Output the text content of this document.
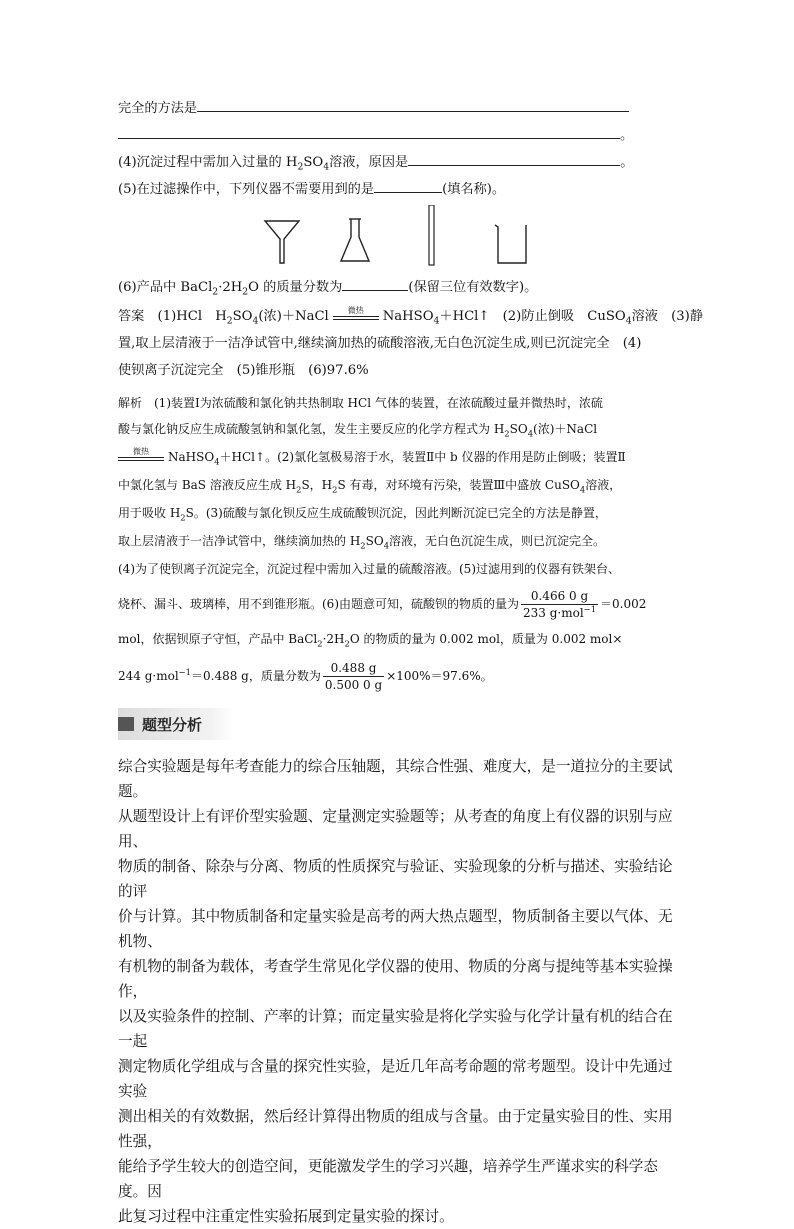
完全的方法是
。
(4)沉淀过程中需加入过量的 $H_2SO_4$溶液，原因是	。
(5)在过滤操作中，下列仪器不需要用到的是	(填名称)。
(6)产品中 $BaCl_2\cdot 2H_2O$ 的质量分数为	(保留三位有效数字)。
答案　(1)HCl　$H_2SO_4$(浓)＋NaCl	微热	NaHSO$_4$＋HCl↑　(2)防止倒吸　CuSO$_4$溶液　(3)静
置,取上层清液于一洁净试管中,继续滴加热的硫酸溶液,无白色沉淀生成,则已沉淀完全　(4)
使钡离子沉淀完全　(5)锥形瓶　(6)97.6%
解析　(1)装置Ⅰ为浓硫酸和氯化钠共热制取 HCl 气体的装置，在浓硫酸过量并微热时，浓硫
酸与氯化钠反应生成硫酸氢钠和氯化氢，发生主要反应的化学方程式为 $H_2SO_4$(浓)＋NaCl
微热	NaHSO$_4$＋HCl↑。(2)氯化氢极易溶于水，装置Ⅱ中 b 仪器的作用是防止倒吸；装置Ⅱ
中氯化氢与 BaS 溶液反应生成 $H_2S$，$H_2S$ 有毒，对环境有污染，装置Ⅲ中盛放 CuSO$_4$溶液，
用于吸收 $H_2S$。(3)硫酸与氯化钡反应生成硫酸钡沉淀，因此判断沉淀已完全的方法是静置，
取上层清液于一洁净试管中，继续滴加热的 $H_2SO_4$溶液，无白色沉淀生成，则已沉淀完全。
(4)为了使钡离子沉淀完全，沉淀过程中需加入过量的硫酸溶液。(5)过滤用到的仪器有铁架台、
烧杯、漏斗、玻璃棒，用不到锥形瓶。(6)由题意可知，硫酸钡的物质的量为 $\frac{0.466 0 g}{233 g\cdot mol^{-1}} =0.002$
mol，依据钡原子守恒，产品中 $BaCl_2\cdot 2H_2O$ 的物质的量为 0.002 mol，质量为 0.002 mol×
244 g·mol$^{-1}$＝0.488 g，质量分数为 $\frac{0.488 g}{0.500 0 g} \times 100\%=97.6\%$。
题型分析
综合实验题是每年考查能力的综合压轴题，其综合性强、难度大，是一道拉分的主要试题。
从题型设计上有评价型实验题、定量测定实验题等；从考查的角度上有仪器的识别与应用、
物质的制备、除杂与分离、物质的性质探究与验证、实验现象的分析与描述、实验结论的评
价与计算。其中物质制备和定量实验是高考的两大热点题型，物质制备主要以气体、无机物、
有机物的制备为载体，考查学生常见化学仪器的使用、物质的分离与提纯等基本实验操作，
以及实验条件的控制、产率的计算；而定量实验是将化学实验与化学计量有机的结合在一起
测定物质化学组成与含量的探究性实验，是近几年高考命题的常考题型。设计中先通过实验
测出相关的有效数据，然后经计算得出物质的组成与含量。由于定量实验目的性、实用性强，
能给予学生较大的创造空间，更能激发学生的学习兴趣，培养学生严谨求实的科学态度。因
此复习过程中注重定性实验拓展到定量实验的探讨。
